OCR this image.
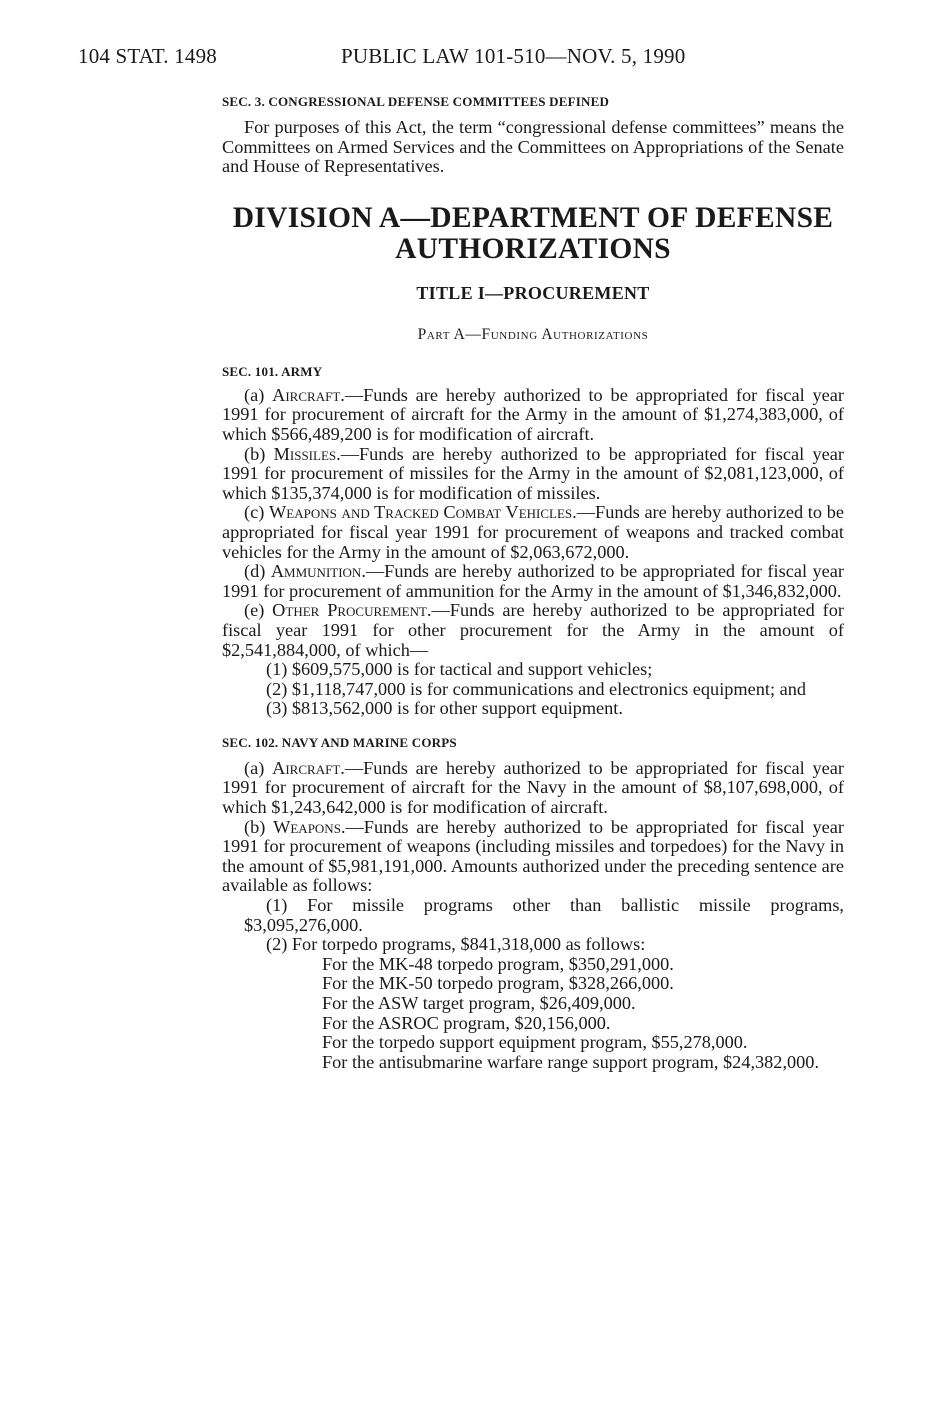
104 STAT. 1498	PUBLIC LAW 101-510—NOV. 5, 1990
SEC. 3. CONGRESSIONAL DEFENSE COMMITTEES DEFINED

For purposes of this Act, the term “congressional defense committees” means the Committees on Armed Services and the Committees on Appropriations of the Senate and House of Representatives.

DIVISION A—DEPARTMENT OF DEFENSE
AUTHORIZATIONS
TITLE I—PROCUREMENT
Part A—Funding Authorizations
SEC. 101. ARMY

(a) Aircraft.—Funds are hereby authorized to be appropriated for fiscal year 1991 for procurement of aircraft for the Army in the amount of $1,274,383,000, of which $566,489,200 is for modification of aircraft.

(b) Missiles.—Funds are hereby authorized to be appropriated for fiscal year 1991 for procurement of missiles for the Army in the amount of $2,081,123,000, of which $135,374,000 is for modification of missiles.

(c) Weapons and Tracked Combat Vehicles.—Funds are hereby authorized to be appropriated for fiscal year 1991 for procurement of weapons and tracked combat vehicles for the Army in the amount of $2,063,672,000.

(d) Ammunition.—Funds are hereby authorized to be appropriated for fiscal year 1991 for procurement of ammunition for the Army in the amount of $1,346,832,000.

(e) Other Procurement.—Funds are hereby authorized to be appropriated for fiscal year 1991 for other procurement for the Army in the amount of $2,541,884,000, of which—

(1) $609,575,000 is for tactical and support vehicles;

(2) $1,118,747,000 is for communications and electronics equipment; and

(3) $813,562,000 is for other support equipment.

SEC. 102. NAVY AND MARINE CORPS

(a) Aircraft.—Funds are hereby authorized to be appropriated for fiscal year 1991 for procurement of aircraft for the Navy in the amount of $8,107,698,000, of which $1,243,642,000 is for modification of aircraft.

(b) Weapons.—Funds are hereby authorized to be appropriated for fiscal year 1991 for procurement of weapons (including missiles and torpedoes) for the Navy in the amount of $5,981,191,000. Amounts authorized under the preceding sentence are available as follows:

(1) For missile programs other than ballistic missile programs, $3,095,276,000.

(2) For torpedo programs, $841,318,000 as follows:

For the MK-48 torpedo program, $350,291,000.

For the MK-50 torpedo program, $328,266,000.

For the ASW target program, $26,409,000.

For the ASROC program, $20,156,000.

For the torpedo support equipment program, $55,278,000.

For the antisubmarine warfare range support program, $24,382,000.
